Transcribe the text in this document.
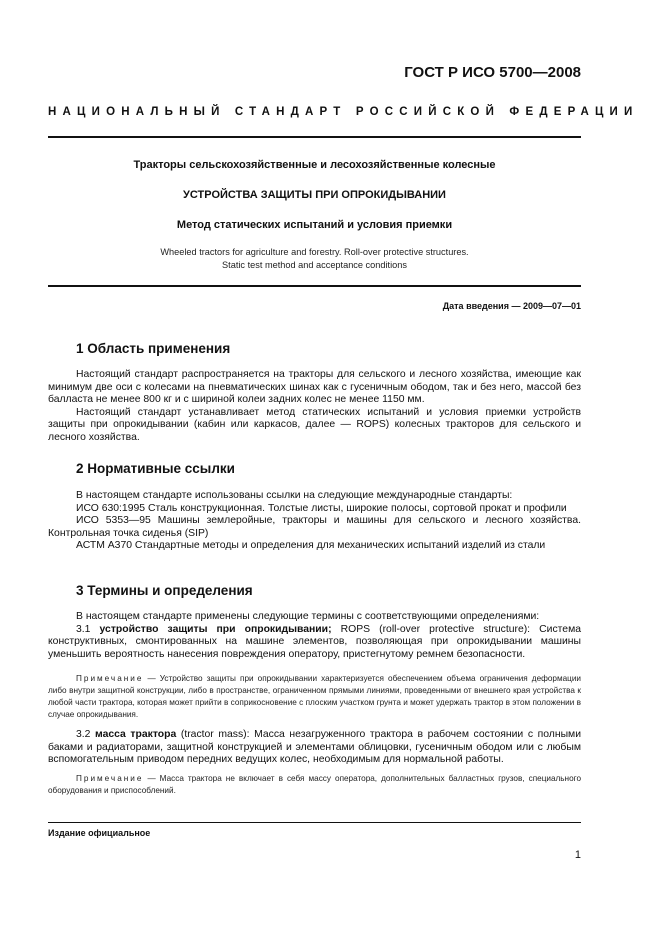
ГОСТ Р ИСО 5700—2008
НАЦИОНАЛЬНЫЙ СТАНДАРТ РОССИЙСКОЙ ФЕДЕРАЦИИ
Тракторы сельскохозяйственные и лесохозяйственные колесные
УСТРОЙСТВА ЗАЩИТЫ ПРИ ОПРОКИДЫВАНИИ
Метод статических испытаний и условия приемки
Wheeled tractors for agriculture and forestry. Roll-over protective structures.
Static test method and acceptance conditions
Дата введения — 2009—07—01
1 Область применения

Настоящий стандарт распространяется на тракторы для сельского и лесного хозяйства, имеющие как минимум две оси с колесами на пневматических шинах как с гусеничным ободом, так и без него, массой без балласта не менее 800 кг и с шириной колеи задних колес не менее 1150 мм.

Настоящий стандарт устанавливает метод статических испытаний и условия приемки устройств защиты при опрокидывании (кабин или каркасов, далее — ROPS) колесных тракторов для сельского и лесного хозяйства.

2 Нормативные ссылки

В настоящем стандарте использованы ссылки на следующие международные стандарты:

ИСО 630:1995 Сталь конструкционная. Толстые листы, широкие полосы, сортовой прокат и профили

ИСО 5353—95 Машины землеройные, тракторы и машины для сельского и лесного хозяйства. Контрольная точка сиденья (SIP)

АСТМ А370 Стандартные методы и определения для механических испытаний изделий из стали

3 Термины и определения

В настоящем стандарте применены следующие термины с соответствующими определениями:

3.1 устройство защиты при опрокидывании; ROPS (roll-over protective structure): Система конструктивных, смонтированных на машине элементов, позволяющая при опрокидывании машины уменьшить вероятность нанесения повреждения оператору, пристегнутому ремнем безопасности.

Примечание — Устройство защиты при опрокидывании характеризуется обеспечением объема ограничения деформации либо внутри защитной конструкции, либо в пространстве, ограниченном прямыми линиями, проведенными от внешнего края устройства к любой части трактора, которая может прийти в соприкосновение с плоским участком грунта и может удержать трактор в этом положении в случае опрокидывания.

3.2 масса трактора (tractor mass): Масса незагруженного трактора в рабочем состоянии с полными баками и радиаторами, защитной конструкцией и элементами облицовки, гусеничным ободом или с любым вспомогательным приводом передних ведущих колес, необходимым для нормальной работы.

Примечание — Масса трактора не включает в себя массу оператора, дополнительных балластных грузов, специального оборудования и приспособлений.

Издание официальное
1
